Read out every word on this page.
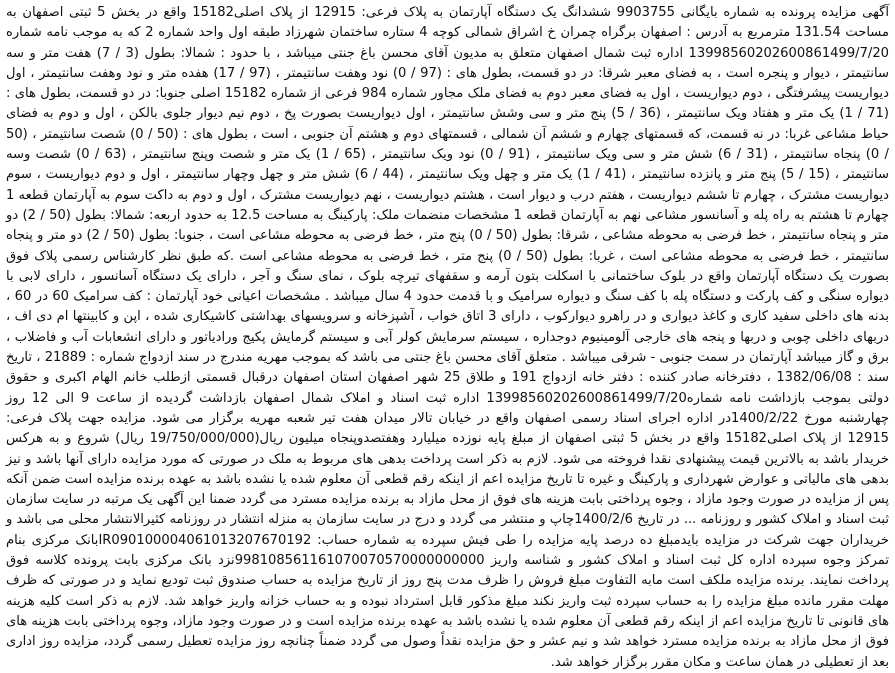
آگهی مزایده پرونده به شماره بایگانی 9903755 ششدانگ یک دستگاه آپارتمان به پلاک فرعی: 12915 از پلاک اصلی15182 واقع در بخش 5 ثبتی اصفهان به مساحت 131.54 مترمربع به آدرس : اصفهان برگراه چمران خ اشراق شمالی کوچه 4 ستاره ساختمان شهرزاد طبقه اول واحد شماره 2 که به موجب نامه شماره 13998560202600861499/7/20 اداره ثبت شمال اصفهان متعلق به مدیون آقای محسن باغ جنتی میباشد ، با حدود : شمالا: بطول (3 / 7) هفت متر و سه سانتیمتر ، دیوار و پنجره است ، به فضای معبر شرقا: در دو قسمت، بطول های : (97 / 0) نود وهفت سانتیمتر ، (97 / 17) هفده متر و نود وهفت سانتیمتر ، اول دیواریست پیشرفتگی ، دوم دیواریست ، اول به فضای معبر دوم به فضای ملک مجاور شماره 984 فرعی از شماره 15182 اصلی جنوبا: در دو قسمت، بطول های : (71 / 1) یک متر و هفتاد ویک سانتیمتر ، (36 / 5) پنج متر و سی وشش سانتیمتر ، اول دیواریست بصورت پخ ، دوم نیم دیوار جلوی بالکن ، اول و دوم به فضای حیاط مشاعی غربا: در نه قسمت، که قسمتهای چهارم و ششم آن شمالی ، قسمتهای دوم و هشتم آن جنوبی ، است ، بطول های : (50 / 0) شصت سانتیمتر ، (50 / 0) پنجاه سانتیمتر ، (31 / 6) شش متر و سی ویک سانتیمتر ، (91 / 0) نود ویک سانتیمتر ، (65 / 1) یک متر و شصت وپنج سانتیمتر ، (63 / 0) شصت وسه سانتیمتر ، (15 / 5) پنج متر و پانزده سانتیمتر ، (41 / 1) یک متر و چهل ویک سانتیمتر ، (44 / 6) شش متر و چهل وچهار سانتیمتر ، اول و دوم دیواریست ، سوم دیواریست مشترک ، چهارم تا ششم دیواریست ، هفتم درب و دیوار است ، هشتم دیواریست ، نهم دیواریست مشترک ، اول و دوم به داکت سوم به آپارتمان قطعه 1 چهارم تا هشتم به راه پله و آسانسور مشاعی نهم به آپارتمان قطعه 1 مشخصات منضمات ملک: پارکینگ به مساحت 12.5 به حدود اربعه: شمالا: بطول (50 / 2) دو متر و پنجاه سانتیمتر ، خط فرضی به محوطه مشاعی ، شرقا: بطول (50 / 0) پنج متر ، خط فرضی به محوطه مشاعی است ، جنوبا: بطول (50 / 2) دو متر و پنجاه سانتیمتر ، خط فرضی به محوطه مشاعی است ، غربا: بطول (50 / 0) پنج متر ، خط فرضی به محوطه مشاعی است .که طبق نظر کارشناس رسمی پلاک فوق بصورت یک دستگاه آپارتمان واقع در بلوک ساختمانی با اسکلت بتون آرمه و سقفهای تیرچه بلوک ، نمای سنگ و آجر ، دارای یک دستگاه آسانسور ، دارای لابی با دیواره سنگی و کف پارکت و دستگاه پله با کف سنگ و دیواره سرامیک و با قدمت حدود 4 سال میباشد . مشخصات اعیانی خود آپارتمان : کف سرامیک 60 در 60 ، بدنه های داخلی سفید کاری و کاغذ دیواری و در راهرو دیوارکوب ، دارای 3 اتاق خواب ، آشپزخانه و سرویسهای بهداشتی کاشیکاری شده ، اپن و کابینتها ام دی اف ، دربهای داخلی چوبی و دربها و پنجه های خارجی آلومینیوم دوجداره ، سیستم سرمایش کولر آبی و سیستم گرمایش پکیج ورادیاتور و دارای انشعابات آب و فاضلاب ، برق و گاز میباشد آپارتمان در سمت جنوبی - شرقی میباشد . متعلق آقای محسن باغ جنتی می باشد که بموجب مهریه مندرج در سند ازدواج شماره : 21889 ، تاریخ سند : 1382/06/08 ، دفترخانه صادر کننده : دفتر خانه ازدواج 191 و طلاق 25 شهر اصفهان استان اصفهان درقبال قسمتی ازطلب خانم الهام اکبری و حقوق دولتی بموجب بازداشت نامه شماره13998560202600861499/7/20 اداره ثبت اسناد و املاک شمال اصفهان بازداشت گردیده از ساعت 9 الی 12 روز چهارشنبه مورخ 1400/2/22در اداره اجرای اسناد رسمی اصفهان واقع در خیابان تالار میدان هفت تیر شعبه مهریه برگزار می شود. مزایده جهت پلاک فرعی: 12915 از پلاک اصلی15182 واقع در بخش 5 ثبتی اصفهان از مبلغ پایه نوزده میلیارد وهفتصدوپنجاه میلیون ریال(19/750/000/000 ریال) شروع و به هرکس خریدار باشد به بالاترین قیمت پیشنهادی نقدا فروخته می شود. لازم به ذکر است پرداخت بدهی های مربوط به ملک در صورتی که مورد مزایده دارای آنها باشد و نیز بدهی های مالیاتی و عوارض شهرداری و پارکینگ و غیره تا تاریخ مزایده اعم از اینکه رقم قطعی آن معلوم شده یا نشده باشد به عهده برنده مزایده است ضمن آنکه پس از مزایده در صورت وجود مازاد ، وجوه پرداختی بابت هزینه های فوق از محل مازاد به برنده مزایده مسترد می گردد ضمنا این آگهی یک مرتبه در سایت سازمان ثبت اسناد و املاک کشور و روزنامه ... در تاریخ 1400/2/6چاپ و منتشر می گردد و درج در سایت سازمان به منزله انتشار در روزنامه کثیرالانتشار محلی می باشد و خریداران جهت شرکت در مزایده بایدمبلغ ده درصد پایه مزایده را طی فیش سپرده به شماره حساب: IR090100004061013207670192بانک مرکزی بنام تمرکز وجوه سپرده اداره کل ثبت اسناد و املاک کشور و شناسه واریز 998108561161070070570000000000نزد بانک مرکزی بابت پرونده کلاسه فوق پرداخت نمایند. برنده مزایده ملکف است مابه التفاوت مبلغ فروش را ظرف مدت پنج روز از تاریخ مزایده به حساب صندوق ثبت تودیع نماید و در صورتی که ظرف مهلت مقرر مانده مبلغ مزایده را به حساب سپرده ثبت واریز نکند مبلغ مذکور قابل استرداد نبوده و به حساب خزانه واریز خواهد شد. لازم به ذکر است کلیه هزینه های قانونی تا تاریخ مزایده اعم از اینکه رقم قطعی آن معلوم شده یا نشده باشد به عهده برنده مزایده است و در صورت وجود مازاد، وجوه پرداختی بابت هزینه های فوق از محل مازاد به برنده مزایده مسترد خواهد شد و نیم عشر و حق مزایده نقداً وصول می گردد ضمناً چنانچه روز مزایده تعطیل رسمی گردد، مزایده روز اداری بعد از تعطیلی در همان ساعت و مکان مقرر برگزار خواهد شد.
